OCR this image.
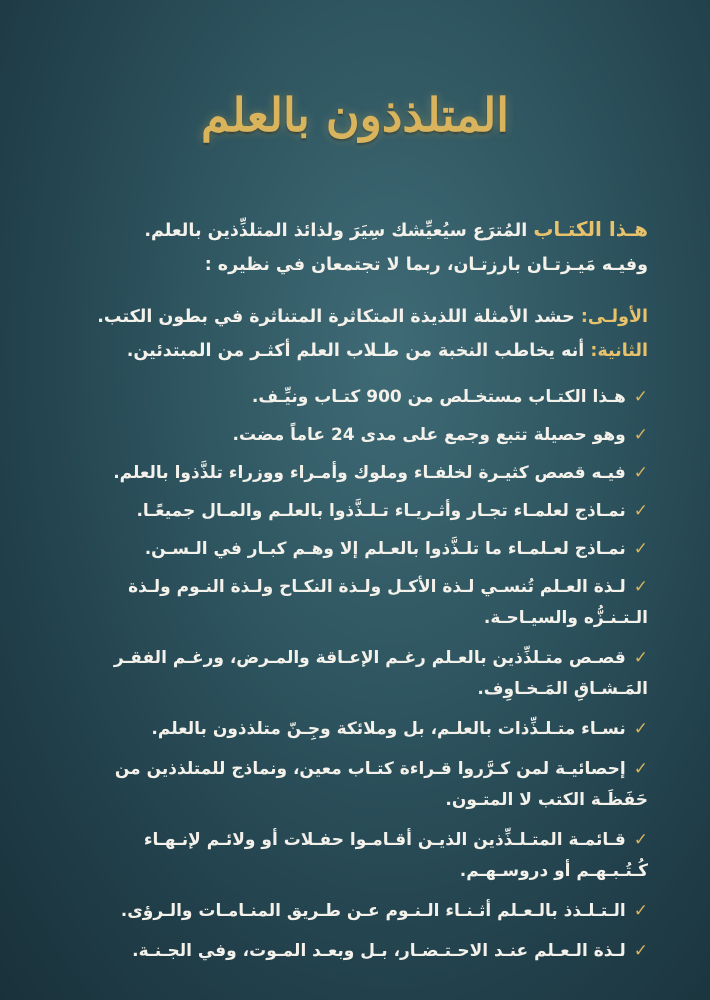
المتلذذون بالعلم
هـذا الكتـاب المُترَع سيُعيِّشك سِيَرَ ولذائذ المتلذِّذين بالعلم.
وفيـه مَيـزتـان بارزتـان، ربما لا تجتمعان في نظيره :
الأولـى: حشد الأمثلة اللذيذة المتكاثرة المتناثرة في بطون الكتب.
الثانية: أنه يخاطب النخبة من طـلاب العلم أكثـر من المبتدئين.
✓هـذا الكتـاب مستخـلص من 900 كتـاب ونيِّـف.
✓وهو حصيلة تتبع وجمع على مدى 24 عاماً مضت.
✓فيـه قصص كثيـرة لخلفـاء وملوك وأمـراء ووزراء تلذَّذوا بالعلم.
✓نمـاذج لعلمـاء تجـار وأثـريـاء تـلـذَّذوا بالعلـم والمـال جميعًـا.
✓نمـاذج لعـلمـاء ما تلـذَّذوا بالعـلم إلا وهـم كبـار في الـسـن.
✓لـذة العـلم تُنسـي لـذة الأكـل ولـذة النكـاح ولـذة النـوم ولـذة
الـتـنـزُّه والسيـاحـة.
✓قصـص متـلذِّذين بالعـلم رغـم الإعـاقة والمـرض، ورغـم الفقـر
المَـشـاقِ المَـخـاوِف.
✓نسـاء متـلـذِّذات بالعلـم، بل وملائكة وجِـنّ متلذذون بالعلم.
✓إحصائيـة لمن كـرَّروا قـراءة كتـاب معين، ونماذج للمتلذذين من
حَفَظَـة الكتب لا المتـون.
✓قـائمـة المتـلـذِّذين الذيـن أقـامـوا حفـلات أو ولائـم لإنـهـاء
كُـتُـبـهـم أو دروسـهـم.
✓الـتـلـذذ بالـعـلم أثـنـاء الـنـوم عـن طـريق المنـامـات والـرؤى.
✓لـذة الـعـلم عنـد الاحـتـضـار، بـل وبعـد المـوت، وفي الجـنـة.
